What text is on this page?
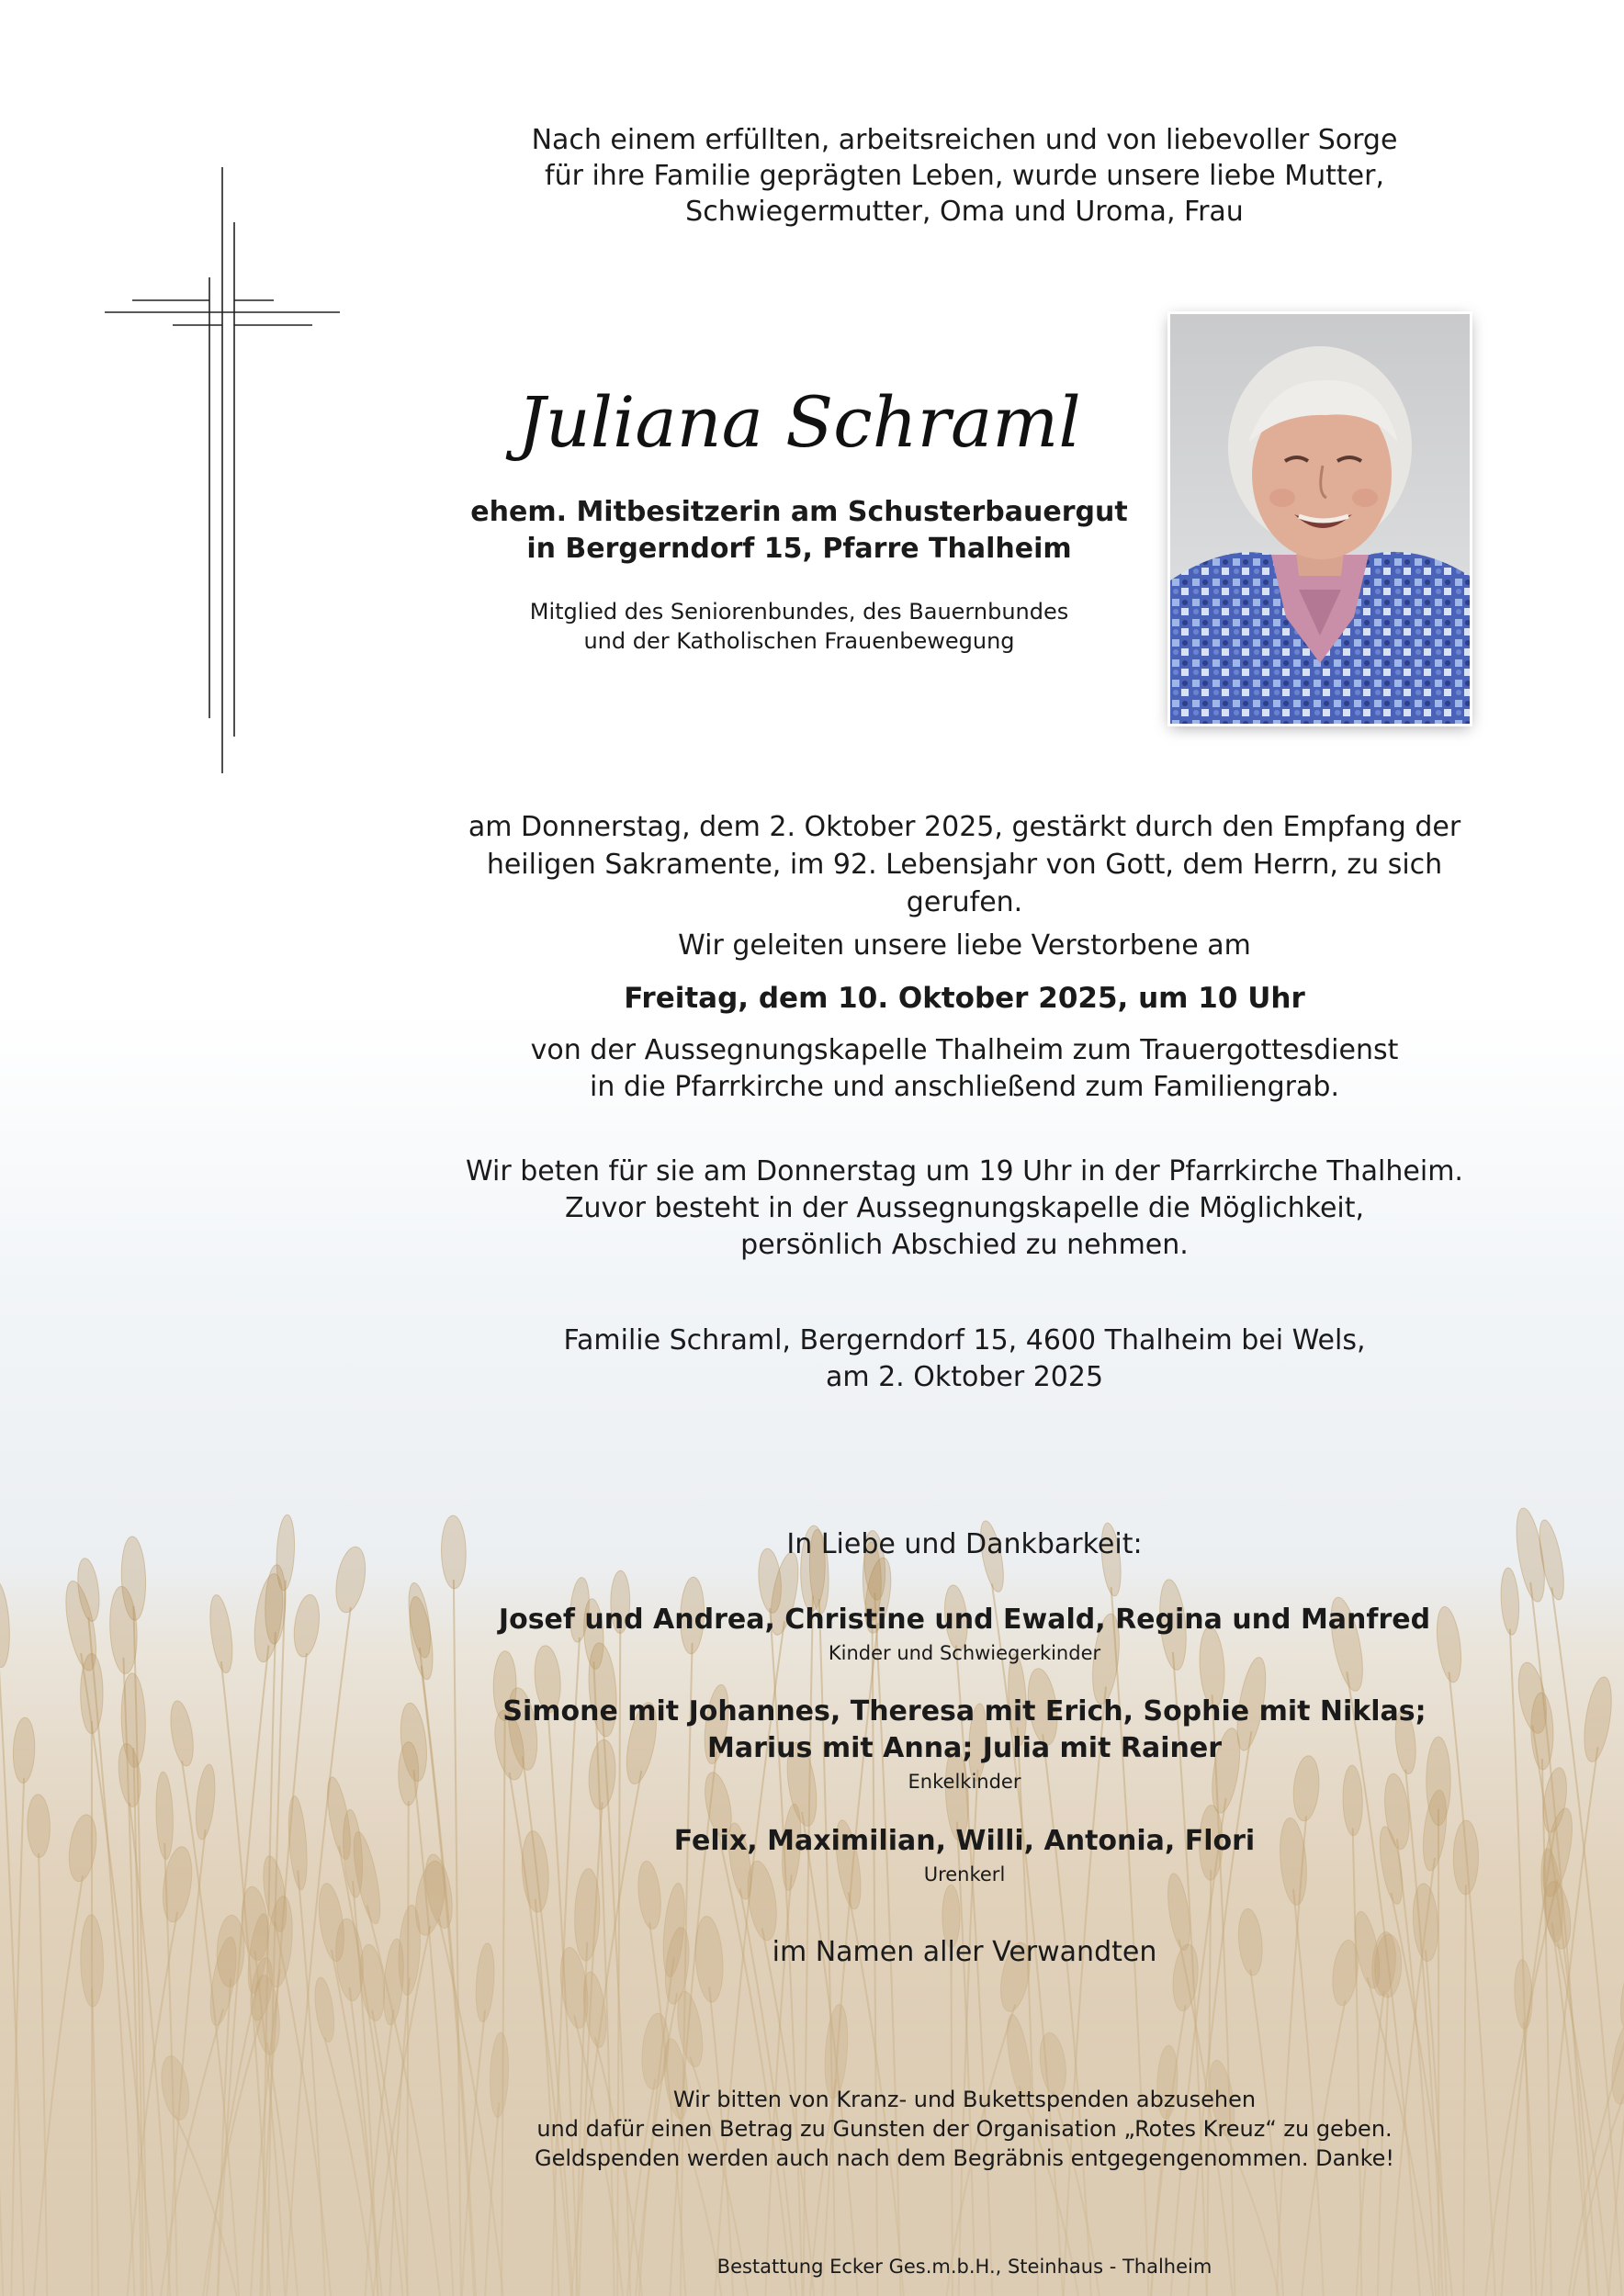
Nach einem erfüllten, arbeitsreichen und von liebevoller Sorge
für ihre Familie geprägten Leben, wurde unsere liebe Mutter,
Schwiegermutter, Oma und Uroma, Frau
Juliana Schraml
ehem. Mitbesitzerin am Schusterbauergut
in Bergerndorf 15, Pfarre Thalheim
Mitglied des Seniorenbundes, des Bauernbundes
und der Katholischen Frauenbewegung
am Donnerstag, dem 2. Oktober 2025, gestärkt durch den Empfang der
heiligen Sakramente, im 92. Lebensjahr von Gott, dem Herrn, zu sich gerufen.
Wir geleiten unsere liebe Verstorbene am
Freitag, dem 10. Oktober 2025, um 10 Uhr
von der Aussegnungskapelle Thalheim zum Trauergottesdienst
in die Pfarrkirche und anschließend zum Familiengrab.
Wir beten für sie am Donnerstag um 19 Uhr in der Pfarrkirche Thalheim.
Zuvor besteht in der Aussegnungskapelle die Möglichkeit,
persönlich Abschied zu nehmen.
Familie Schraml, Bergerndorf 15, 4600 Thalheim bei Wels,
am 2. Oktober 2025
In Liebe und Dankbarkeit:
Josef und Andrea, Christine und Ewald, Regina und Manfred
Kinder und Schwiegerkinder
Simone mit Johannes, Theresa mit Erich, Sophie mit Niklas;
Marius mit Anna; Julia mit Rainer
Enkelkinder
Felix, Maximilian, Willi, Antonia, Flori
Urenkerl
im Namen aller Verwandten
Wir bitten von Kranz- und Bukettspenden abzusehen
und dafür einen Betrag zu Gunsten der Organisation „Rotes Kreuz“ zu geben.
Geldspenden werden auch nach dem Begräbnis entgegengenommen. Danke!
Bestattung Ecker Ges.m.b.H., Steinhaus - Thalheim
